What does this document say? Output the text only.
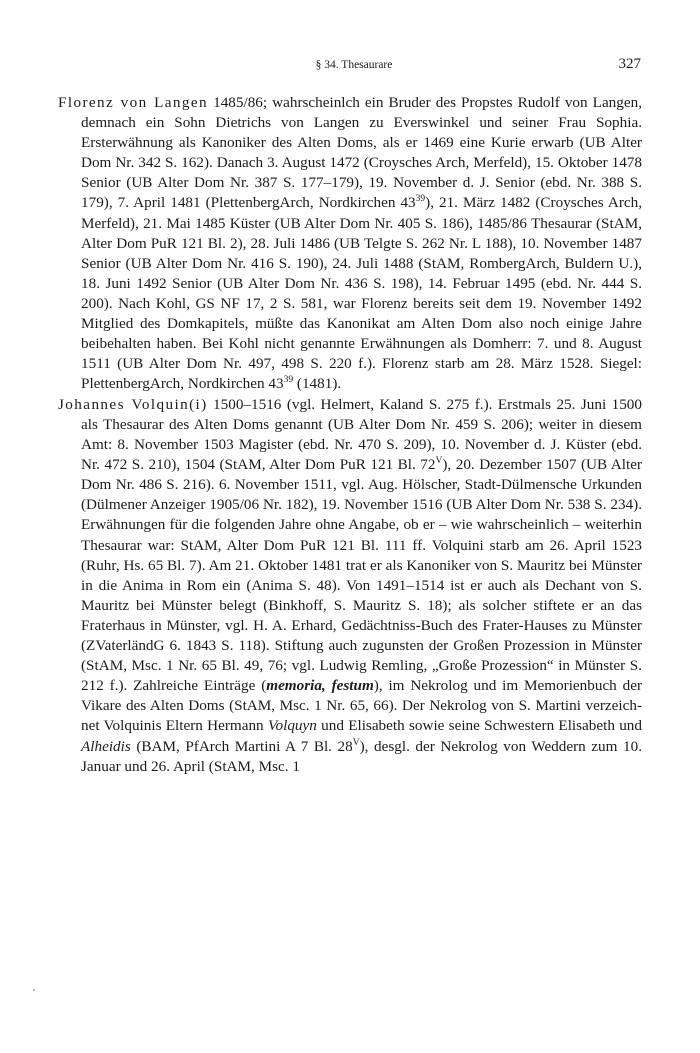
§ 34. Thesaurare	327

Florenz von Langen 1485/86; wahrscheinlch ein Bruder des Propstes Rudolf von Langen, demnach ein Sohn Dietrichs von Langen zu Everswinkel und seiner Frau Sophia. Ersterwähnung als Kanoniker des Alten Doms, als er 1469 eine Kurie erwarb (UB Alter Dom Nr. 342 S. 162). Danach 3. August 1472 (Croysches Arch, Merfeld), 15. Oktober 1478 Senior (UB Alter Dom Nr. 387 S. 177–179), 19. November d. J. Senior (ebd. Nr. 388 S. 179), 7. April 1481 (PlettenbergArch, Nordkirchen $43^{39}$), 21. März 1482 (Croysches Arch, Merfeld), 21. Mai 1485 Küster (UB Alter Dom Nr. 405 S. 186), 1485/86 Thesaurar (StAM, Alter Dom PuR 121 Bl. 2), 28. Juli 1486 (UB Telgte S. 262 Nr. L 188), 10. November 1487 Senior (UB Alter Dom Nr. 416 S. 190), 24. Juli 1488 (StAM, RombergArch, Buldern U.), 18. Juni 1492 Senior (UB Alter Dom Nr. 436 S. 198), 14. Februar 1495 (ebd. Nr. 444 S. 200). Nach Kohl, GS NF 17, 2 S. 581, war Florenz bereits seit dem 19. November 1492 Mitglied des Domkapitels, müßte das Kanonikat am Alten Dom also noch einige Jahre beibehalten haben. Bei Kohl nicht genannte Erwähnungen als Domherr: 7. und 8. August 1511 (UB Alter Dom Nr. 497, 498 S. 220 f.). Florenz starb am 28. März 1528. Siegel: PlettenbergArch, Nordkirchen $43^{39}$ (1481).

Johannes Volquin(i) 1500–1516 (vgl. Helmert, Kaland S. 275 f.). Erstmals 25. Juni 1500 als Thesaurar des Alten Doms genannt (UB Alter Dom Nr. 459 S. 206); weiter in diesem Amt: 8. November 1503 Magister (ebd. Nr. 470 S. 209), 10. November d. J. Küster (ebd. Nr. 472 S. 210), 1504 (StAM, Alter Dom PuR 121 Bl. $72^V$), 20. Dezember 1507 (UB Alter Dom Nr. 486 S. 216). 6. November 1511, vgl. Aug. Hölscher, Stadt-Dülmensche Urkunden (Dülmener Anzeiger 1905/06 Nr. 182), 19. November 1516 (UB Alter Dom Nr. 538 S. 234). Erwähnungen für die folgenden Jahre ohne Angabe, ob er – wie wahrscheinlich – weiterhin Thesaurar war: StAM, Alter Dom PuR 121 Bl. 111 ff. Volquini starb am 26. April 1523 (Ruhr, Hs. 65 Bl. 7). Am 21. Oktober 1481 trat er als Kanoniker von S. Mauritz bei Münster in die Anima in Rom ein (Anima S. 48). Von 1491–1514 ist er auch als Dechant von S. Mauritz bei Münster belegt (Binkhoff, S. Mauritz S. 18); als solcher stiftete er an das Fraterhaus in Münster, vgl. H. A. Erhard, Gedächtniss-Buch des Frater-Hauses zu Münster (ZVaterländG 6. 1843 S. 118). Stiftung auch zugunsten der Großen Prozession in Münster (StAM, Msc. 1 Nr. 65 Bl. 49, 76; vgl. Ludwig Remling, „Große Prozession“ in Münster S. 212 f.). Zahlreiche Einträge (memoria, festum), im Nekrolog und im Memorienbuch der Vikare des Alten Doms (StAM, Msc. 1 Nr. 65, 66). Der Nekrolog von S. Martini verzeichnet Volquinis Eltern Hermann Volquyn und Elisabeth sowie seine Schwestern Elisabeth und Alheidis (BAM, PfArch Martini A 7 Bl. $28^V$), desgl. der Nekrolog von Weddern zum 10. Januar und 26. April (StAM, Msc. 1
